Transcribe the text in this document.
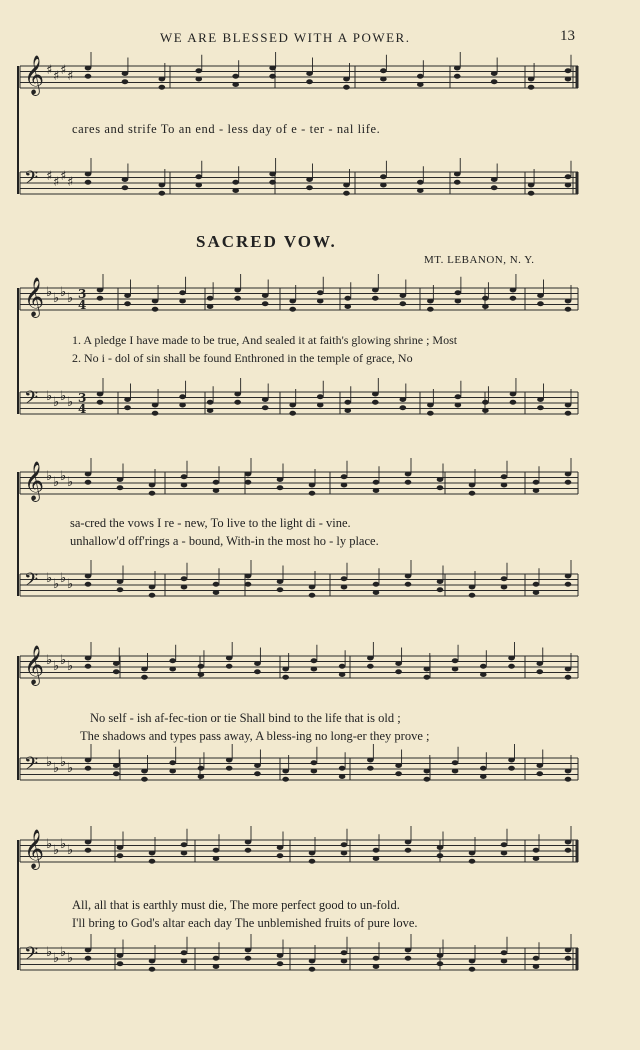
WE ARE BLESSED WITH A POWER.	13
𝄞 ♯ ♯ ♯ ♯
𝄢 ♯ ♯ ♯ ♯
𝄞 ♭ ♭ ♭ ♭ 3
4
𝄢 ♭ ♭ ♭ ♭ 3
4
𝄞 ♭ ♭ ♭ ♭
𝄢 ♭ ♭ ♭ ♭
𝄞 ♭ ♭ ♭ ♭
𝄢 ♭ ♭ ♭ ♭
𝄞 ♭ ♭ ♭ ♭
𝄢 ♭ ♭ ♭ ♭
cares and strife To an end - less day of e - ter - nal life.
SACRED VOW.
MT. LEBANON, N. Y.
1. A pledge I have made to be true, And sealed it at faith's glowing shrine ; Most
2. No i - dol of sin shall be found Enthroned in the temple of grace, No
sa-cred the vows I re - new, To live to the light di - vine.
unhallow'd off'rings a - bound, With-in the most ho - ly place.
No self - ish af-fec-tion or tie Shall bind to the life that is old ;
The shadows and types pass away, A bless-ing no long-er they prove ;
All, all that is earthly must die, The more perfect good to un-fold.
I'll bring to God's altar each day The unblemished fruits of pure love.
